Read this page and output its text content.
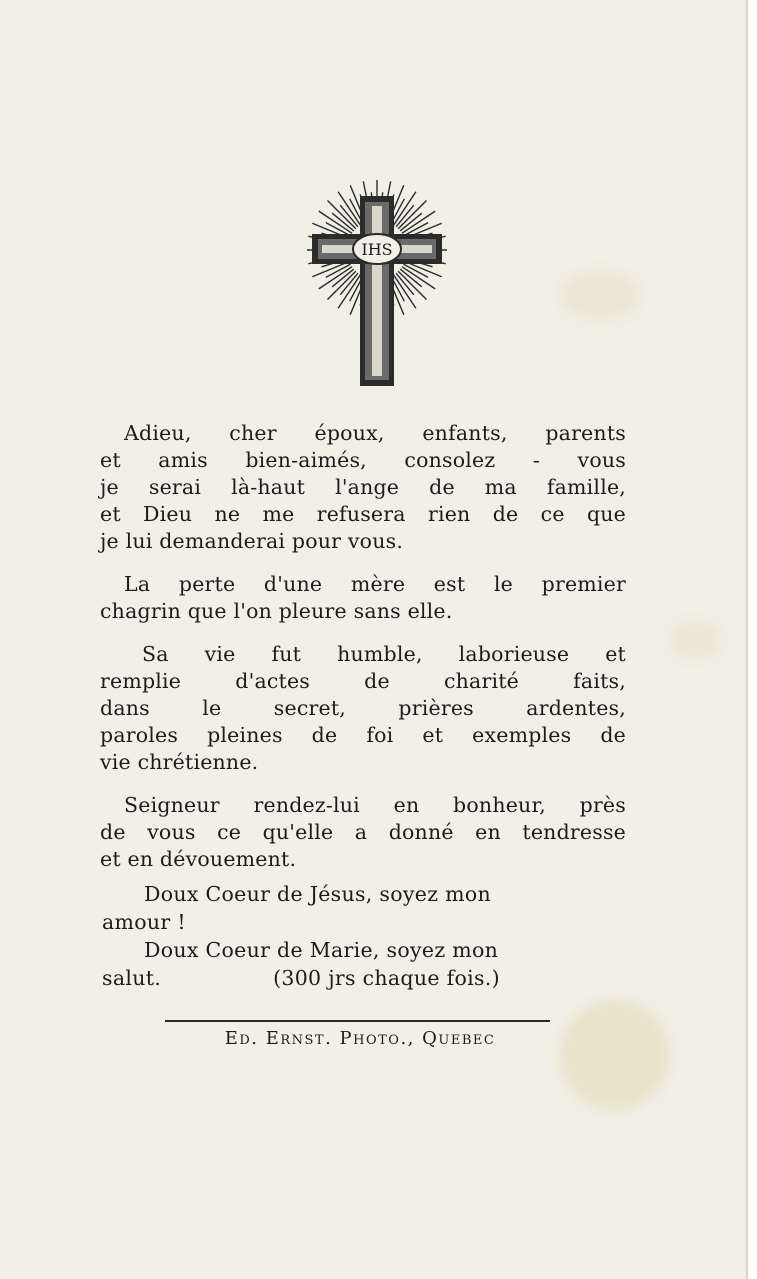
IHS

Adieu, cher époux, enfants, parents
et amis bien-aimés, consolez - vous
je serai là-haut l'ange de ma famille,
et Dieu ne me refusera rien de ce que
je lui demanderai pour vous.

La perte d'une mère est le premier
chagrin que l'on pleure sans elle.

Sa vie fut humble, laborieuse et
remplie d'actes de charité faits,
dans le secret, prières ardentes,
paroles pleines de foi et exemples de
vie chrétienne.

Seigneur rendez-lui en bonheur, près
de vous ce qu'elle a donné en tendresse
et en dévouement.

Doux Coeur de Jésus, soyez mon
amour !
Doux Coeur de Marie, soyez mon
salut.	(300 jrs chaque fois.)
Ed. Ernst. Photo., Quebec
